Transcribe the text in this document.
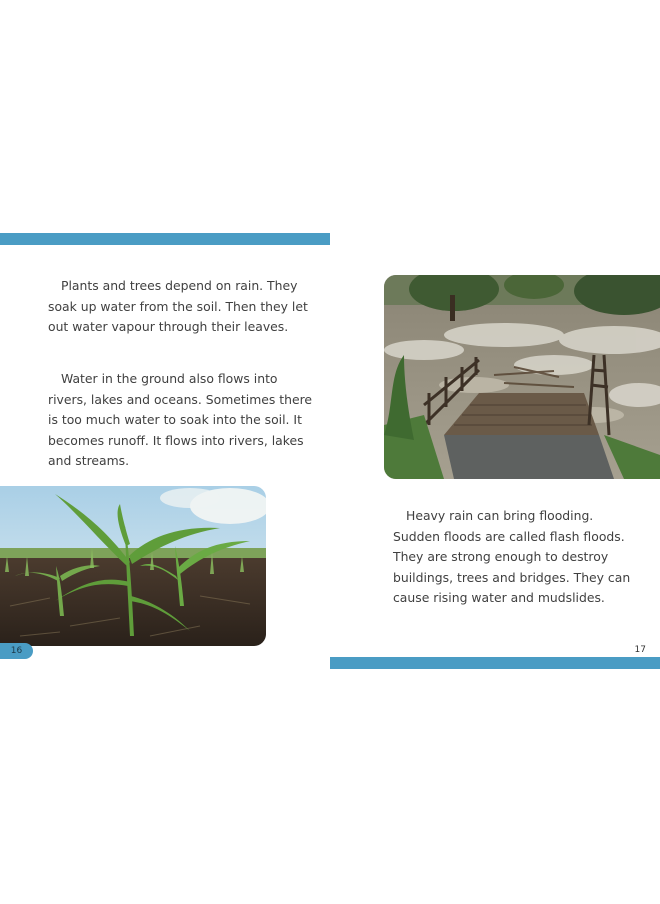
Plants and trees depend on rain. They soak up water from the soil. Then they let out water vapour through their leaves.

Water in the ground also flows into rivers, lakes and oceans. Sometimes there is too much water to soak into the soil. It becomes runoff. It flows into rivers, lakes and streams.

16

Heavy rain can bring flooding. Sudden floods are called flash floods. They are strong enough to destroy buildings, trees and bridges. They can cause rising water and mudslides.

17
